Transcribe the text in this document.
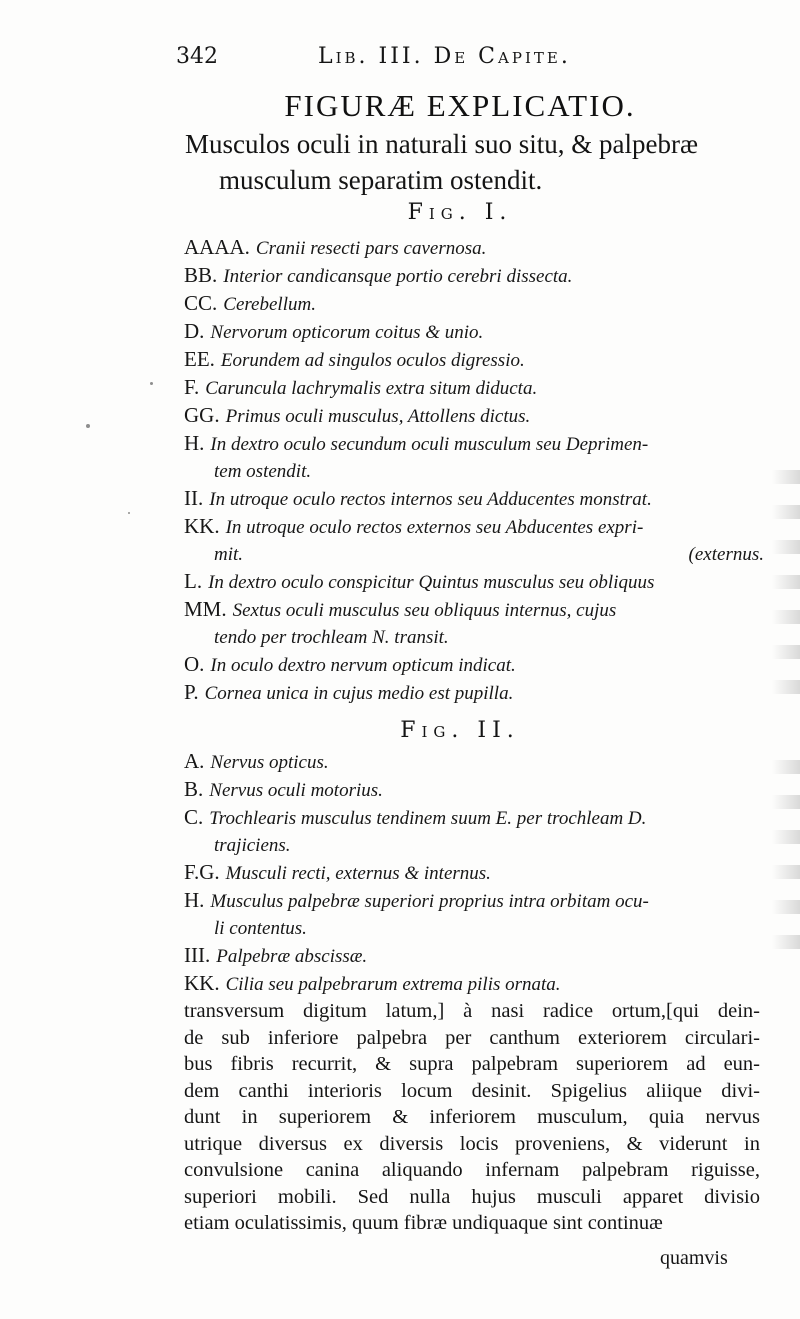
342	Lib. III. De Capite.
FIGURÆ EXPLICATIO.
Musculos oculi in naturali suo situ, & palpebræ
musculum separatim ostendit.
Fig. I.
AAAA. Cranii resecti pars cavernosa.
BB. Interior candicansque portio cerebri dissecta.
CC. Cerebellum.
D. Nervorum opticorum coitus & unio.
EE. Eorundem ad singulos oculos digressio.
F. Caruncula lachrymalis extra situm diducta.
GG. Primus oculi musculus, Attollens dictus.
H. In dextro oculo secundum oculi musculum seu Deprimen-
tem ostendit.
II. In utroque oculo rectos internos seu Adducentes monstrat.
KK. In utroque oculo rectos externos seu Abducentes expri-
mit.	(externus.
L. In dextro oculo conspicitur Quintus musculus seu obliquus
MM. Sextus oculi musculus seu obliquus internus, cujus
tendo per trochleam N. transit.
O. In oculo dextro nervum opticum indicat.
P. Cornea unica in cujus medio est pupilla.
Fig. II.
A. Nervus opticus.
B. Nervus oculi motorius.
C. Trochlearis musculus tendinem suum E. per trochleam D.
trajiciens.
F.G. Musculi recti, externus & internus.
H. Musculus palpebræ superiori proprius intra orbitam ocu-
li contentus.
III. Palpebræ abscissæ.
KK. Cilia seu palpebrarum extrema pilis ornata.
transversum digitum latum,] à nasi radice ortum,[qui dein-
de sub inferiore palpebra per canthum exteriorem circulari-
bus fibris recurrit, & supra palpebram superiorem ad eun-
dem canthi interioris locum desinit. Spigelius aliique divi-
dunt in superiorem & inferiorem musculum, quia nervus
utrique diversus ex diversis locis proveniens, & viderunt in
convulsione canina aliquando infernam palpebram riguisse,
superiori mobili. Sed nulla hujus musculi apparet divisio
etiam oculatissimis, quum fibræ undiquaque sint continuæ
quamvis
